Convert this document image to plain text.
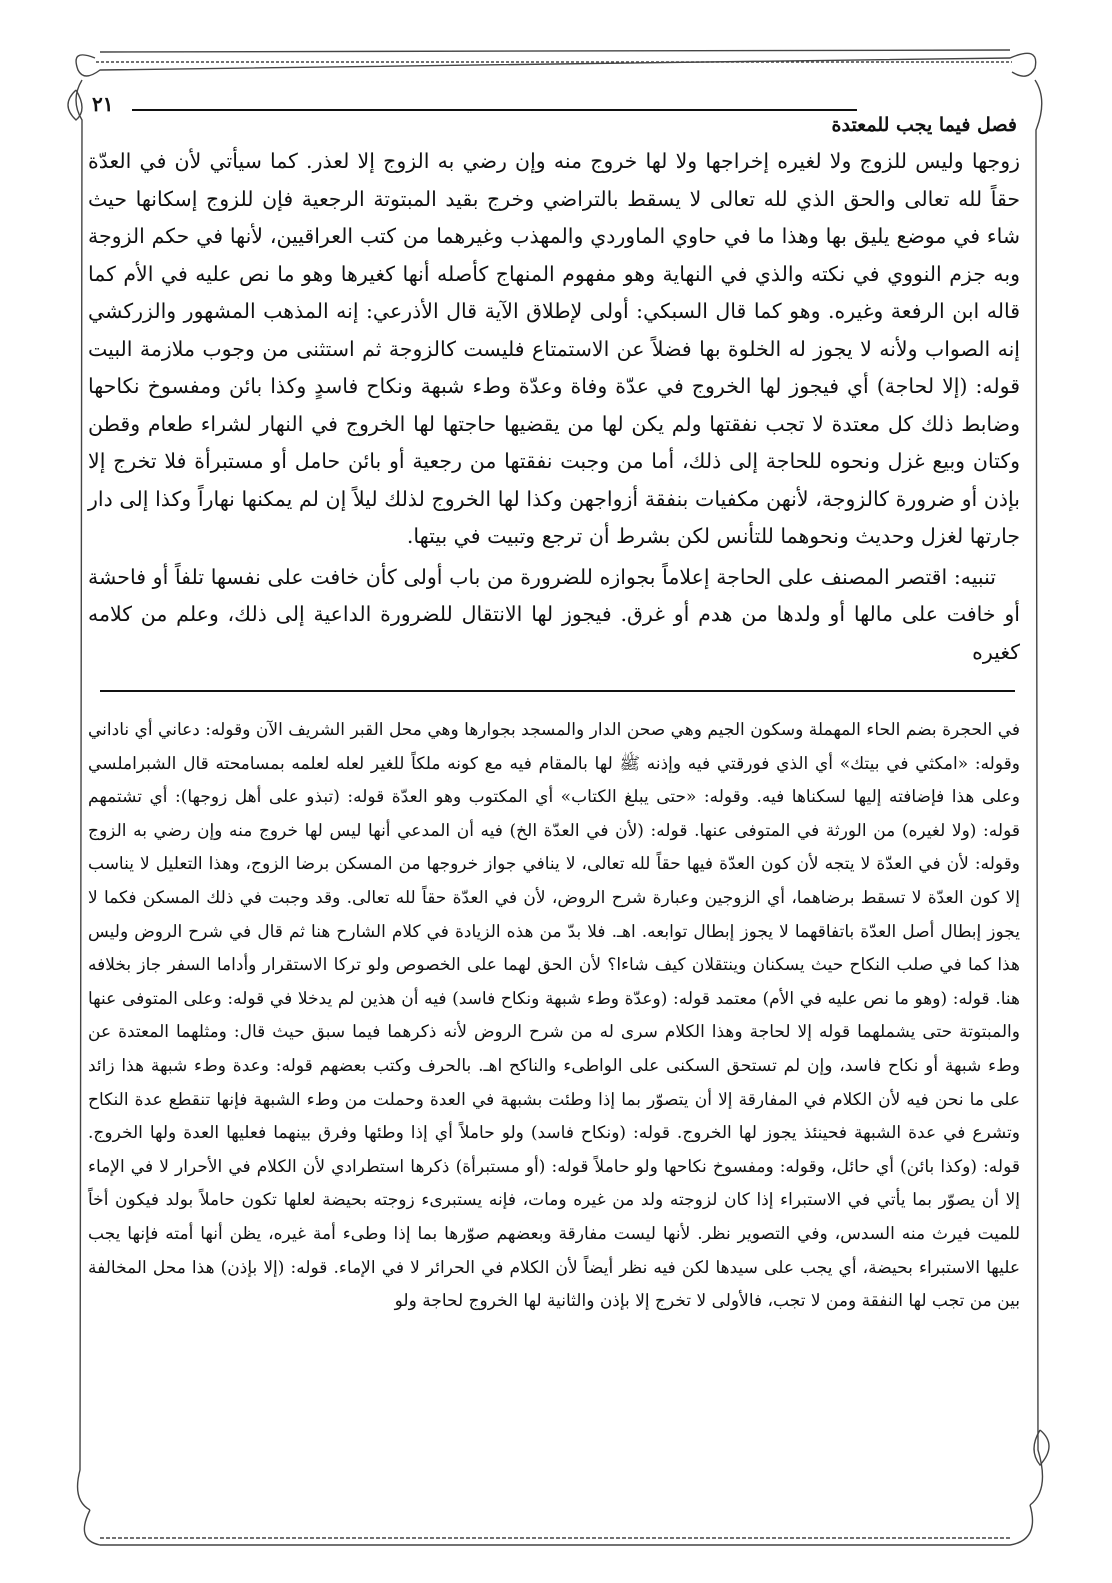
٢١
فصل فيما يجب للمعتدة

زوجها وليس للزوج ولا لغيره إخراجها ولا لها خروج منه وإن رضي به الزوج إلا لعذر. كما سيأتي لأن في العدّة حقاً لله تعالى والحق الذي لله تعالى لا يسقط بالتراضي وخرج بقيد المبتوتة الرجعية فإن للزوج إسكانها حيث شاء في موضع يليق بها وهذا ما في حاوي الماوردي والمهذب وغيرهما من كتب العراقيين، لأنها في حكم الزوجة وبه جزم النووي في نكته والذي في النهاية وهو مفهوم المنهاج كأصله أنها كغيرها وهو ما نص عليه في الأم كما قاله ابن الرفعة وغيره. وهو كما قال السبكي: أولى لإطلاق الآية قال الأذرعي: إنه المذهب المشهور والزركشي إنه الصواب ولأنه لا يجوز له الخلوة بها فضلاً عن الاستمتاع فليست كالزوجة ثم استثنى من وجوب ملازمة البيت قوله: (إلا لحاجة) أي فيجوز لها الخروج في عدّة وفاة وعدّة وطء شبهة ونكاح فاسدٍ وكذا بائن ومفسوخ نكاحها وضابط ذلك كل معتدة لا تجب نفقتها ولم يكن لها من يقضيها حاجتها لها الخروج في النهار لشراء طعام وقطن وكتان وبيع غزل ونحوه للحاجة إلى ذلك، أما من وجبت نفقتها من رجعية أو بائن حامل أو مستبرأة فلا تخرج إلا بإذن أو ضرورة كالزوجة، لأنهن مكفيات بنفقة أزواجهن وكذا لها الخروج لذلك ليلاً إن لم يمكنها نهاراً وكذا إلى دار جارتها لغزل وحديث ونحوهما للتأنس لكن بشرط أن ترجع وتبيت في بيتها.

تنبيه: اقتصر المصنف على الحاجة إعلاماً بجوازه للضرورة من باب أولى كأن خافت على نفسها تلفاً أو فاحشة أو خافت على مالها أو ولدها من هدم أو غرق. فيجوز لها الانتقال للضرورة الداعية إلى ذلك، وعلم من كلامه كغيره

في الحجرة بضم الحاء المهملة وسكون الجيم وهي صحن الدار والمسجد بجوارها وهي محل القبر الشريف الآن وقوله: دعاني أي ناداني وقوله: «امكثي في بيتك» أي الذي فورقتي فيه وإذنه ﷺ لها بالمقام فيه مع كونه ملكاً للغير لعله لعلمه بمسامحته قال الشبراملسي وعلى هذا فإضافته إليها لسكناها فيه. وقوله: «حتى يبلغ الكتاب» أي المكتوب وهو العدّة قوله: (تبذو على أهل زوجها): أي تشتمهم قوله: (ولا لغيره) من الورثة في المتوفى عنها. قوله: (لأن في العدّة الخ) فيه أن المدعي أنها ليس لها خروج منه وإن رضي به الزوج وقوله: لأن في العدّة لا يتجه لأن كون العدّة فيها حقاً لله تعالى، لا ينافي جواز خروجها من المسكن برضا الزوج، وهذا التعليل لا يناسب إلا كون العدّة لا تسقط برضاهما، أي الزوجين وعبارة شرح الروض، لأن في العدّة حقاً لله تعالى. وقد وجبت في ذلك المسكن فكما لا يجوز إبطال أصل العدّة باتفاقهما لا يجوز إبطال توابعه. اهـ. فلا بدّ من هذه الزيادة في كلام الشارح هنا ثم قال في شرح الروض وليس هذا كما في صلب النكاح حيث يسكنان وينتقلان كيف شاءا؟ لأن الحق لهما على الخصوص ولو تركا الاستقرار وأداما السفر جاز بخلافه هنا. قوله: (وهو ما نص عليه في الأم) معتمد قوله: (وعدّة وطء شبهة ونكاح فاسد) فيه أن هذين لم يدخلا في قوله: وعلى المتوفى عنها والمبتوتة حتى يشملهما قوله إلا لحاجة وهذا الكلام سرى له من شرح الروض لأنه ذكرهما فيما سبق حيث قال: ومثلهما المعتدة عن وطء شبهة أو نكاح فاسد، وإن لم تستحق السكنى على الواطىء والناكح اهـ. بالحرف وكتب بعضهم قوله: وعدة وطء شبهة هذا زائد على ما نحن فيه لأن الكلام في المفارقة إلا أن يتصوّر بما إذا وطئت بشبهة في العدة وحملت من وطء الشبهة فإنها تنقطع عدة النكاح وتشرع في عدة الشبهة فحينئذ يجوز لها الخروج. قوله: (ونكاح فاسد) ولو حاملاً أي إذا وطئها وفرق بينهما فعليها العدة ولها الخروج. قوله: (وكذا بائن) أي حائل، وقوله: ومفسوخ نكاحها ولو حاملاً قوله: (أو مستبرأة) ذكرها استطرادي لأن الكلام في الأحرار لا في الإماء إلا أن يصوّر بما يأتي في الاستبراء إذا كان لزوجته ولد من غيره ومات، فإنه يستبرىء زوجته بحيضة لعلها تكون حاملاً بولد فيكون أخاً للميت فيرث منه السدس، وفي التصوير نظر. لأنها ليست مفارقة وبعضهم صوّرها بما إذا وطىء أمة غيره، يظن أنها أمته فإنها يجب عليها الاستبراء بحيضة، أي يجب على سيدها لكن فيه نظر أيضاً لأن الكلام في الحرائر لا في الإماء. قوله: (إلا بإذن) هذا محل المخالفة بين من تجب لها النفقة ومن لا تجب، فالأولى لا تخرج إلا بإذن والثانية لها الخروج لحاجة ولو
